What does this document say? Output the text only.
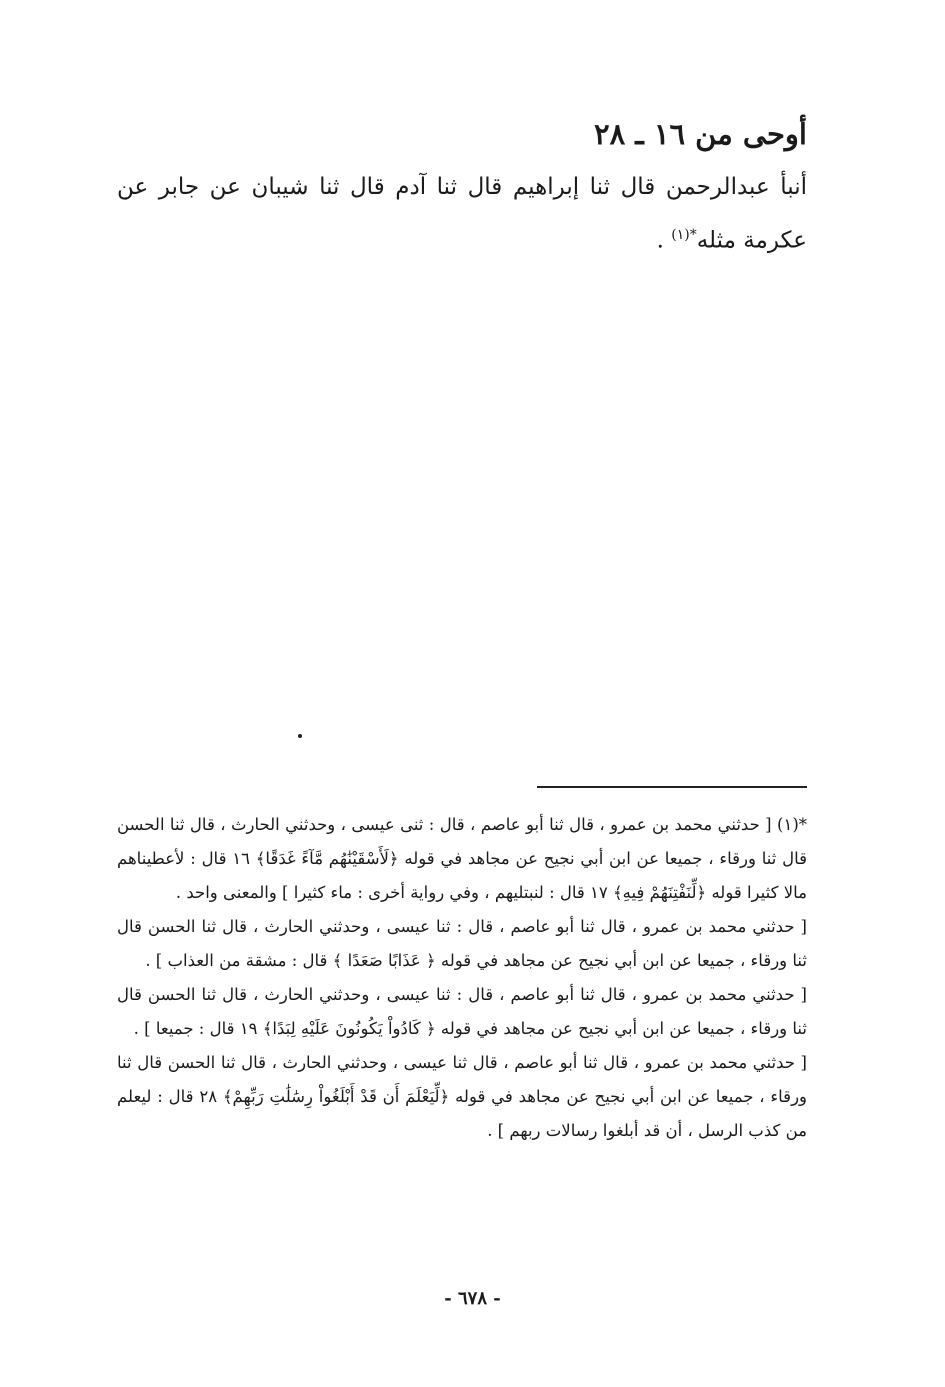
أوحى من ١٦ ـ ٢٨
أنبأ عبدالرحمن قال ثنا إبراهيم قال ثنا آدم قال ثنا شيبان عن جابر عن عكرمة مثله$^{*(١)}$ .

*(١) [ حدثني محمد بن عمرو ، قال ثنا أبو عاصم ، قال : ثنى عيسى ، وحدثني الحارث ، قال ثنا الحسن قال ثنا ورقاء ، جميعا عن ابن أبي نجيح عن مجاهد في قوله ﴿لَأَسْقَيْنَٰهُم مَّآءً غَدَقًا﴾ ١٦ قال : لأعطيناهم مالا كثيرا قوله ﴿لِّنَفْتِنَهُمْ فِيهِ﴾ ١٧ قال : لنبتليهم ، وفي رواية أخرى : ماء كثيرا ] والمعنى واحد .

[ حدثني محمد بن عمرو ، قال ثنا أبو عاصم ، قال : ثنا عيسى ، وحدثني الحارث ، قال ثنا الحسن قال ثنا ورقاء ، جميعا عن ابن أبي نجيح عن مجاهد في قوله ﴿ عَذَابًا صَعَدًا ﴾ قال : مشقة من العذاب ] .

[ حدثني محمد بن عمرو ، قال ثنا أبو عاصم ، قال : ثنا عيسى ، وحدثني الحارث ، قال ثنا الحسن قال ثنا ورقاء ، جميعا عن ابن أبي نجيح عن مجاهد في قوله ﴿ كَادُواْ يَكُونُونَ عَلَيْهِ لِبَدًا﴾ ١٩ قال : جميعا ] .

[ حدثني محمد بن عمرو ، قال ثنا أبو عاصم ، قال ثنا عيسى ، وحدثني الحارث ، قال ثنا الحسن قال ثنا ورقاء ، جميعا عن ابن أبي نجيح عن مجاهد في قوله ﴿لِّيَعْلَمَ أَن قَدْ أَبْلَغُواْ رِسَٰلَٰتِ رَبِّهِمْ﴾ ٢٨ قال : ليعلم من كذب الرسل ، أن قد أبلغوا رسالات ربهم ] .

- ٦٧٨ -
